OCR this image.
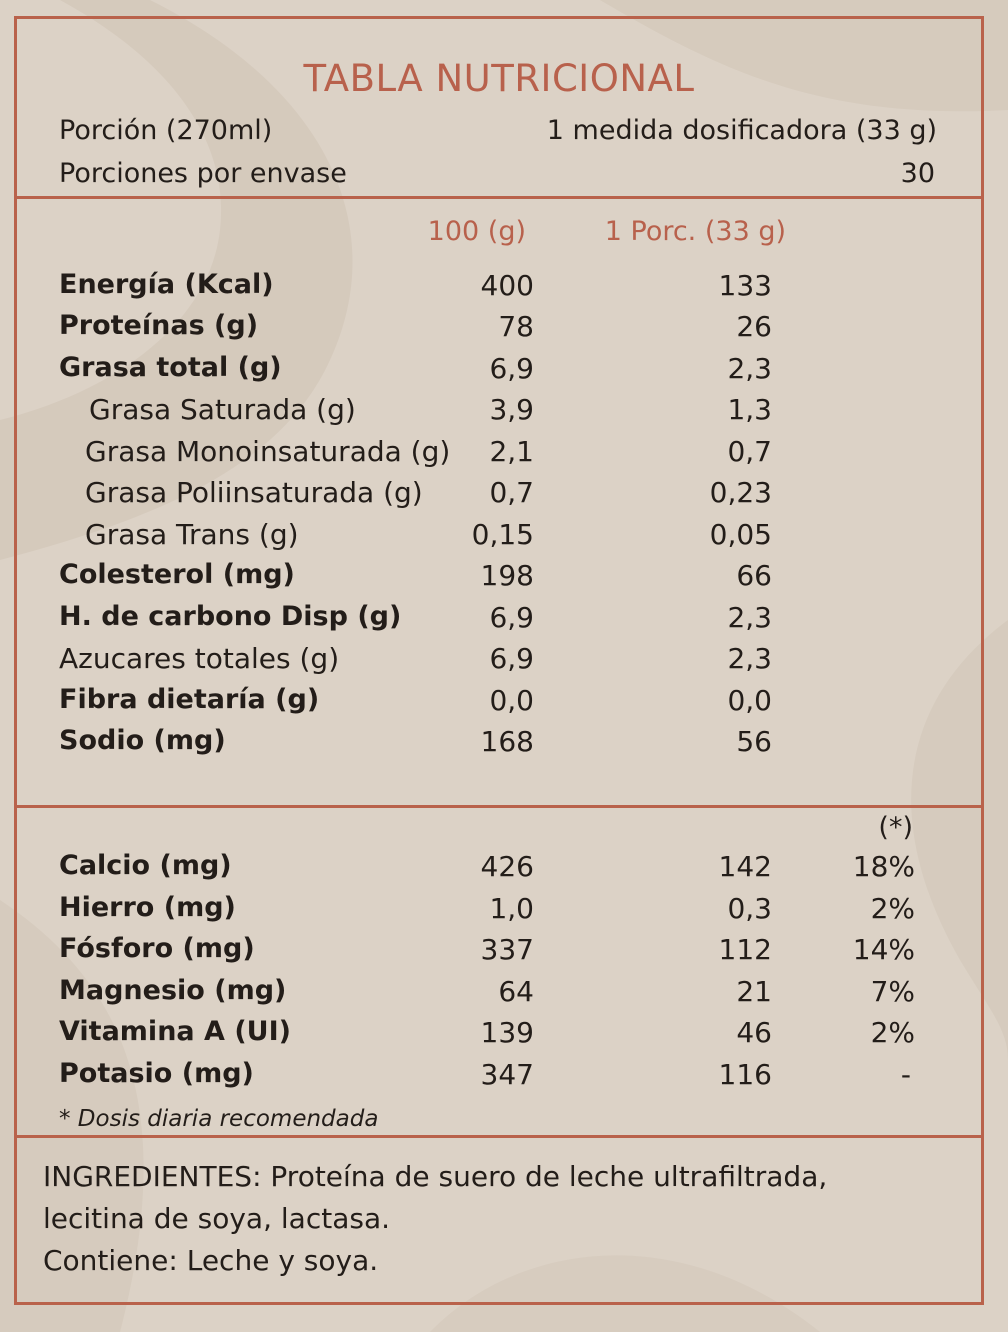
TABLA NUTRICIONAL
Porción (270ml)	1 medida dosificadora (33 g)
Porciones por envase	30
100 (g)	1 Porc. (33 g)
Energía (Kcal)	400	133
Proteínas (g)	78	26
Grasa total (g)	6,9	2,3
Grasa Saturada (g)	3,9	1,3
Grasa Monoinsaturada (g) 2,1	0,7
Grasa Poliinsaturada (g) 0,7	0,23
Grasa Trans (g)	0,15	0,05
Colesterol (mg)	198	66
H. de carbono Disp (g)	6,9	2,3
Azucares totales (g)	6,9	2,3
Fibra dietaría (g)	0,0	0,0
Sodio (mg)	168	56
(*)
Calcio (mg)	426	142	18%
Hierro (mg)	1,0	0,3	2%
Fósforo (mg)	337	112	14%
Magnesio (mg)	64	21	7%
Vitamina A (UI)	139	46	2%
Potasio (mg)	347	116	-
* Dosis diaria recomendada
INGREDIENTES: Proteína de suero de leche ultrafiltrada,
lecitina de soya, lactasa.
Contiene: Leche y soya.
